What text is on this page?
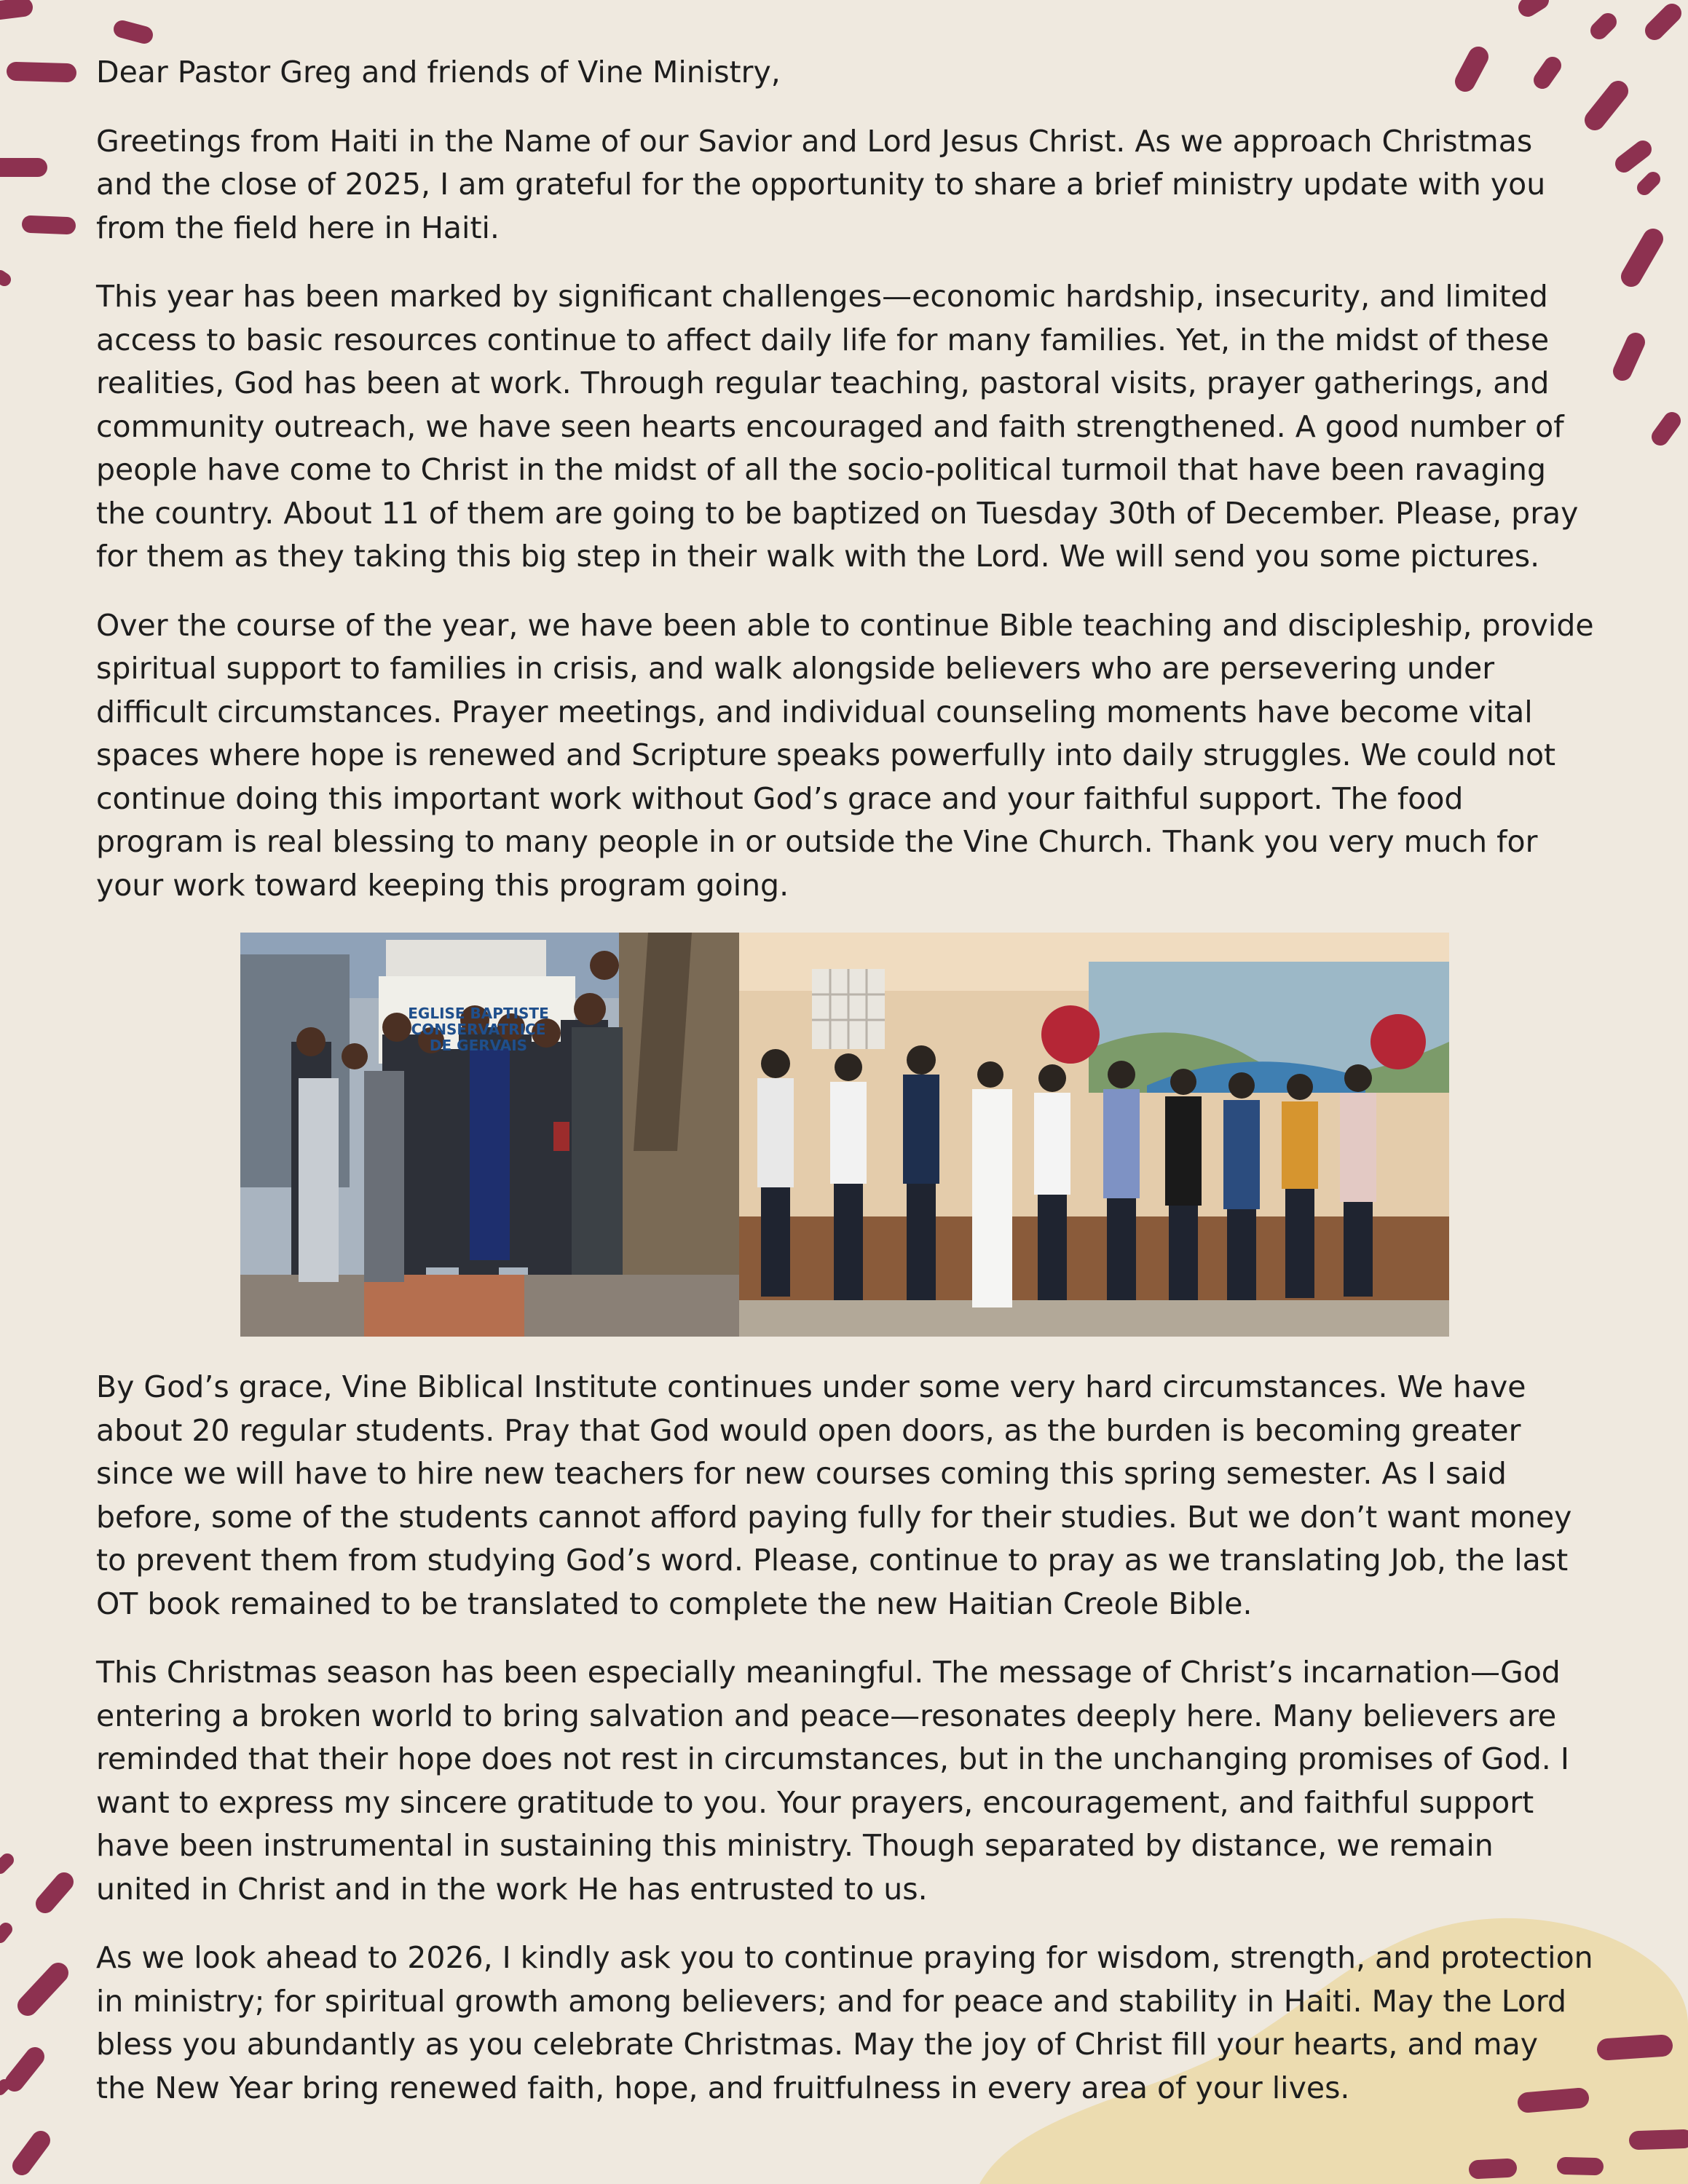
Dear Pastor Greg and friends of Vine Ministry,

Greetings from Haiti in the Name of our Savior and Lord Jesus Christ. As we approach Christmas and the close of 2025, I am grateful for the opportunity to share a brief ministry update with you from the field here in Haiti.

This year has been marked by significant challenges—economic hardship, insecurity, and limited access to basic resources continue to affect daily life for many families. Yet, in the midst of these realities, God has been at work. Through regular teaching, pastoral visits, prayer gatherings, and community outreach, we have seen hearts encouraged and faith strengthened. A good number of people have come to Christ in the midst of all the socio-political turmoil that have been ravaging the country. About 11 of them are going to be baptized on Tuesday 30th of December. Please, pray for them as they taking this big step in their walk with the Lord. We will send you some pictures.

Over the course of the year, we have been able to continue Bible teaching and discipleship, provide spiritual support to families in crisis, and walk alongside believers who are persevering under difficult circumstances. Prayer meetings, and individual counseling moments have become vital spaces where hope is renewed and Scripture speaks powerfully into daily struggles. We could not continue doing this important work without God’s grace and your faithful support. The food program is real blessing to many people in or outside the Vine Church. Thank you very much for your work toward keeping this program going.

EGLISE BAPTISTE
CONSERVATRICE
DE GERVAIS

By God’s grace, Vine Biblical Institute continues under some very hard circumstances. We have about 20 regular students. Pray that God would open doors, as the burden is becoming greater since we will have to hire new teachers for new courses coming this spring semester. As I said before, some of the students cannot afford paying fully for their studies. But we don’t want money to prevent them from studying God’s word. Please, continue to pray as we translating Job, the last OT book remained to be translated to complete the new Haitian Creole Bible.

This Christmas season has been especially meaningful. The message of Christ’s incarnation—God entering a broken world to bring salvation and peace—resonates deeply here. Many believers are reminded that their hope does not rest in circumstances, but in the unchanging promises of God. I want to express my sincere gratitude to you. Your prayers, encouragement, and faithful support have been instrumental in sustaining this ministry. Though separated by distance, we remain united in Christ and in the work He has entrusted to us.

As we look ahead to 2026, I kindly ask you to continue praying for wisdom, strength, and protection in ministry; for spiritual growth among believers; and for peace and stability in Haiti. May the Lord bless you abundantly as you celebrate Christmas. May the joy of Christ fill your hearts, and may the New Year bring renewed faith, hope, and fruitfulness in every area of your lives.
